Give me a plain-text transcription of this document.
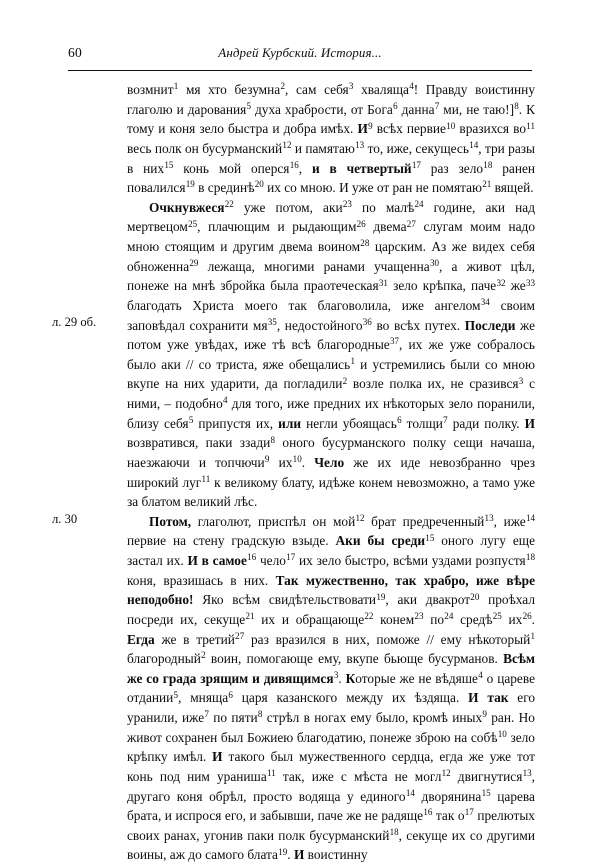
60	Андрей Курбский. История...
л. 29 об.
л. 30

возмнит$^1$ мя хто безумна$^2$, сам себя$^3$ хваляща$^4$! Правду воистинну глаголю и дарования$^5$ духа храбрости, от Бога$^6$ данна$^7$ ми, не таю!]$^8$. К тому и коня зело быстра и добра имѣх. $И^9$ всѣх первие$^{10}$ вразихся $во^{11}$ весь полк он бусурманский$^{12}$ и памятаю$^{13}$ то, иже, секущесь$^{14}$, три разы в них$^{15}$ конь мой оперся$^{16}$, и в четвертый$^{17}$ раз зело$^{18}$ ранен повалился$^{19}$ в срединѣ$^{20}$ их со мною. И уже от ран не помятаю$^{21}$ вящей.

Очкнувжеся$^{22}$ уже потом, аки$^{23}$ по малѣ$^{24}$ године, аки над мертвецом$^{25}$, плачющим и рыдающим$^{26}$ двема$^{27}$ слугам моим надо мною стоящим и другим двема воином$^{28}$ царским. Аз же видех себя обноженна$^{29}$ лежаща, многими ранами учащенна$^{30}$, а живот цѣл, понеже на мнѣ збройка была праотеческая$^{31}$ зело крѣпка, паче$^{32}$ $же^{33}$ благодать Христа моего так благоволила, иже ангелом$^{34}$ своим заповѣдал сохранити $мя^{35}$, недостойного$^{36}$ во всѣх путех. Последи же потом уже увѣдах, иже тѣ всѣ благородные$^{37}$, их же уже собралось было аки // со триста, яже обещались$^1$ и устремились были со мною вкупе на них ударити, да погладили$^2$ возле полка их, не сразився$^3$ с ними, – подобно$^4$ для того, иже предних их нѣкоторых зело поранили, близу себя$^5$ припустя их, или негли убоящась$^6$ толщи$^7$ ради полку. И возвратився, паки ззади$^8$ оного бусурманского полку сещи начаша, наезжаючи и топчючи$^9$ $их^{10}$. Чело же их иде невозбранно чрез широкий луг$^{11}$ к великому блату, идѣже конем невозможно, а тамо уже за блатом великий лѣс.

Потом, глаголют, приспѣл он мой$^{12}$ брат предреченный$^{13}$, иже$^{14}$ первие на стену градскую взыде. Аки бы среди$^{15}$ оного лугу еще застал их. И в самое$^{16}$ чело$^{17}$ их зело быстро, всѣми уздами розпустя$^{18}$ коня, вразишась в них. Так мужественно, так храбро, иже вѣре неподобно! Яко всѣм свидѣтельствовати$^{19}$, аки двакрот$^{20}$ проѣхал посреди их, секуще$^{21}$ их и обращающе$^{22}$ конем$^{23}$ $по^{24}$ средѣ$^{25}$ $их^{26}$. Егда же в третий$^{27}$ раз вразился в них, поможе // ему нѣкоторый$^1$ благородный$^2$ воин, помогающе ему, вкупе бьюще бусурманов. Всѣм же со града зрящим и дивящимся$^3$. Которые же не вѣдяше$^4$ о цареве отдании$^5$, мняща$^6$ царя казанского между их ѣздяща. И так его уранили, иже$^7$ по пяти$^8$ стрѣл в ногах ему было, кромѣ иных$^9$ ран. Но живот сохранен был Божиею благодатию, понеже зброю на собѣ$^{10}$ зело крѣпку имѣл. И такого был мужественного сердца, егда же уже тот конь под ним ураниша$^{11}$ так, иже с мѣста не могл$^{12}$ двигнутися$^{13}$, другаго коня обрѣл, просто водяща у единого$^{14}$ дворянина$^{15}$ царева брата, и испрося его, и забывши, паче же не радяще$^{16}$ так $о^{17}$ прелютых своих ранах, угонив паки полк бусурманский$^{18}$, секуще их со другими воины, аж до самого блата$^{19}$. И воистинну
